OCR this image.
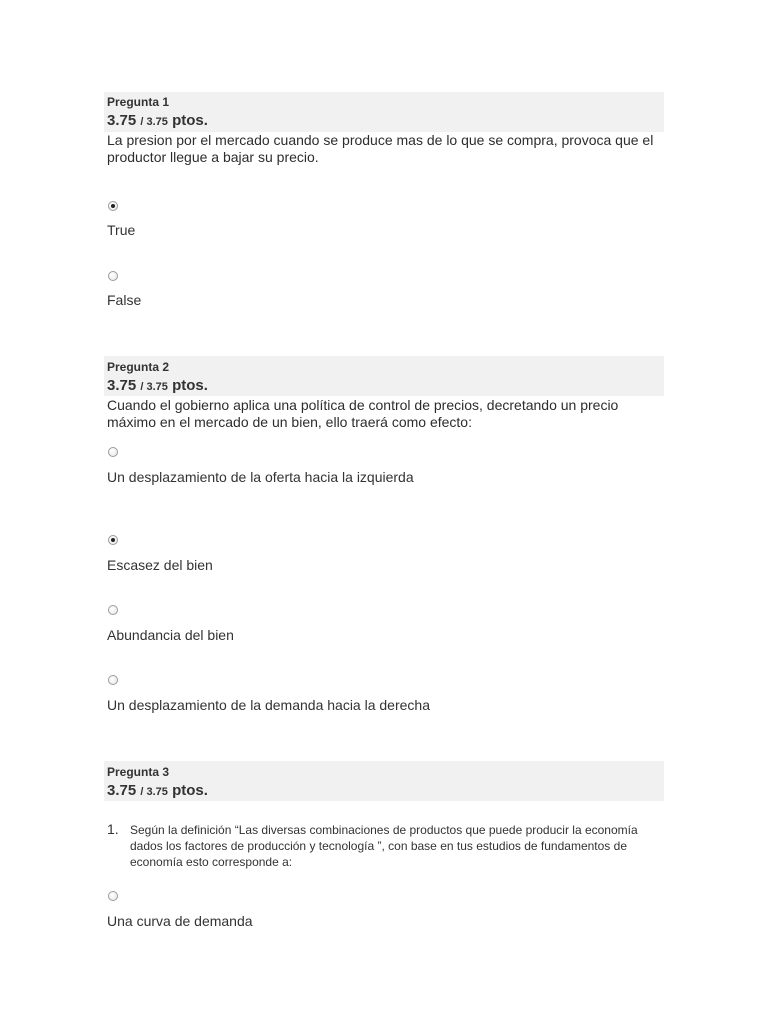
Pregunta 1
3.75 / 3.75 ptos.
La presion por el mercado cuando se produce mas de lo que se compra, provoca que el productor llegue a bajar su precio.
True
False
Pregunta 2
3.75 / 3.75 ptos.
Cuando el gobierno aplica una política de control de precios, decretando un precio máximo en el mercado de un bien, ello traerá como efecto:
Un desplazamiento de la oferta hacia la izquierda
Escasez del bien
Abundancia del bien
Un desplazamiento de la demanda hacia la derecha
Pregunta 3
3.75 / 3.75 ptos.
1. Según la definición “Las diversas combinaciones de productos que puede producir la economía dados los factores de producción y tecnología ”, con base en tus estudios de fundamentos de economía esto corresponde a:
Una curva de demanda
